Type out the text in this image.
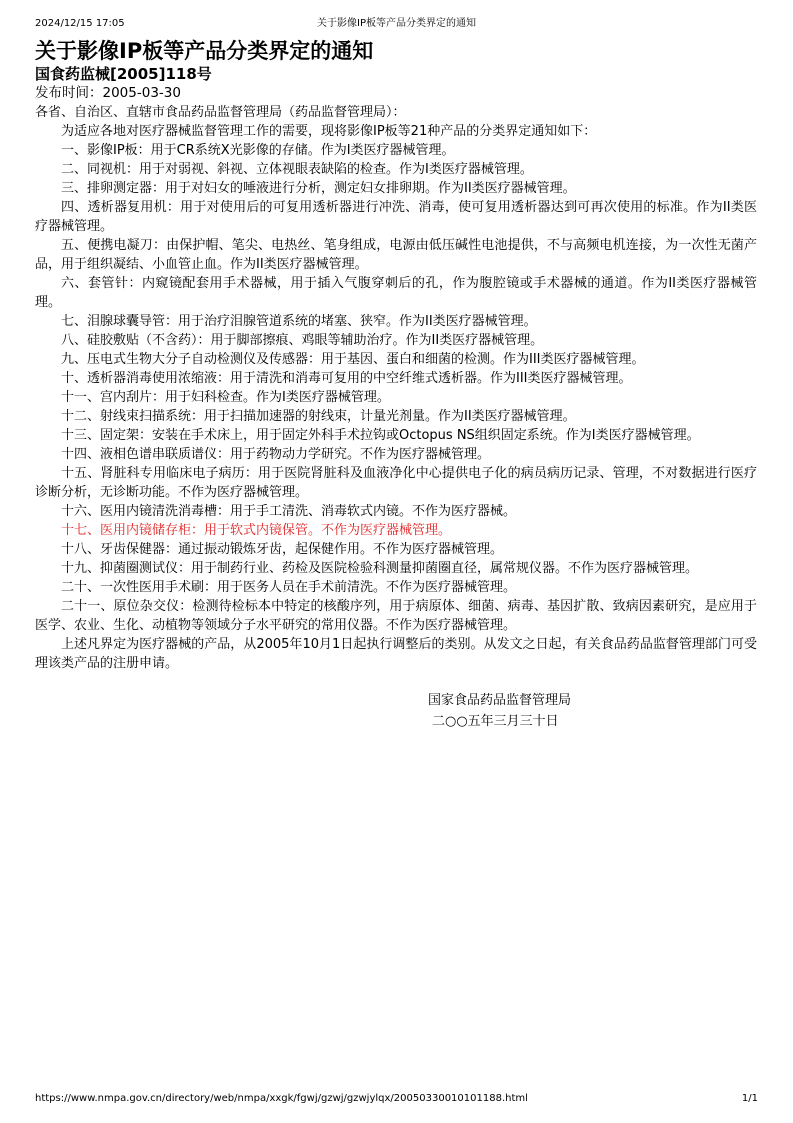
2024/12/15 17:05	关于影像IP板等产品分类界定的通知
关于影像IP板等产品分类界定的通知
国食药监械[2005]118号
发布时间：2005-03-30

各省、自治区、直辖市食品药品监督管理局（药品监督管理局）：

为适应各地对医疗器械监督管理工作的需要，现将影像IP板等21种产品的分类界定通知如下：

一、影像IP板：用于CR系统X光影像的存储。作为I类医疗器械管理。

二、同视机：用于对弱视、斜视、立体视眼表缺陷的检查。作为I类医疗器械管理。

三、排卵测定器：用于对妇女的唾液进行分析，测定妇女排卵期。作为II类医疗器械管理。

四、透析器复用机：用于对使用后的可复用透析器进行冲洗、消毒，使可复用透析器达到可再次使用的标准。作为II类医疗器械管理。

五、便携电凝刀：由保护帽、笔尖、电热丝、笔身组成，电源由低压碱性电池提供，不与高频电机连接，为一次性无菌产品，用于组织凝结、小血管止血。作为II类医疗器械管理。

六、套管针：内窥镜配套用手术器械，用于插入气腹穿刺后的孔，作为腹腔镜或手术器械的通道。作为II类医疗器械管理。

七、泪腺球囊导管：用于治疗泪腺管道系统的堵塞、狭窄。作为II类医疗器械管理。

八、硅胶敷贴（不含药）：用于脚部擦痕、鸡眼等辅助治疗。作为II类医疗器械管理。

九、压电式生物大分子自动检测仪及传感器：用于基因、蛋白和细菌的检测。作为III类医疗器械管理。

十、透析器消毒使用浓缩液：用于清洗和消毒可复用的中空纤维式透析器。作为III类医疗器械管理。

十一、宫内刮片：用于妇科检查。作为I类医疗器械管理。

十二、射线束扫描系统：用于扫描加速器的射线束，计量光剂量。作为II类医疗器械管理。

十三、固定架：安装在手术床上，用于固定外科手术拉钩或Octopus NS组织固定系统。作为I类医疗器械管理。

十四、液相色谱串联质谱仪：用于药物动力学研究。不作为医疗器械管理。

十五、肾脏科专用临床电子病历：用于医院肾脏科及血液净化中心提供电子化的病员病历记录、管理，不对数据进行医疗诊断分析，无诊断功能。不作为医疗器械管理。

十六、医用内镜清洗消毒槽：用于手工清洗、消毒软式内镜。不作为医疗器械。

十七、医用内镜储存柜：用于软式内镜保管。不作为医疗器械管理。

十八、牙齿保健器：通过振动锻炼牙齿，起保健作用。不作为医疗器械管理。

十九、抑菌圈测试仪：用于制药行业、药检及医院检验科测量抑菌圈直径，属常规仪器。不作为医疗器械管理。

二十、一次性医用手术刷：用于医务人员在手术前清洗。不作为医疗器械管理。

二十一、原位杂交仪：检测待检标本中特定的核酸序列，用于病原体、细菌、病毒、基因扩散、致病因素研究，是应用于医学、农业、生化、动植物等领域分子水平研究的常用仪器。不作为医疗器械管理。

上述凡界定为医疗器械的产品，从2005年10月1日起执行调整后的类别。从发文之日起，有关食品药品监督管理部门可受理该类产品的注册申请。

国家食品药品监督管理局
二○○五年三月三十日
https://www.nmpa.gov.cn/directory/web/nmpa/xxgk/fgwj/gzwj/gzwjylqx/20050330010101188.html	1/1
